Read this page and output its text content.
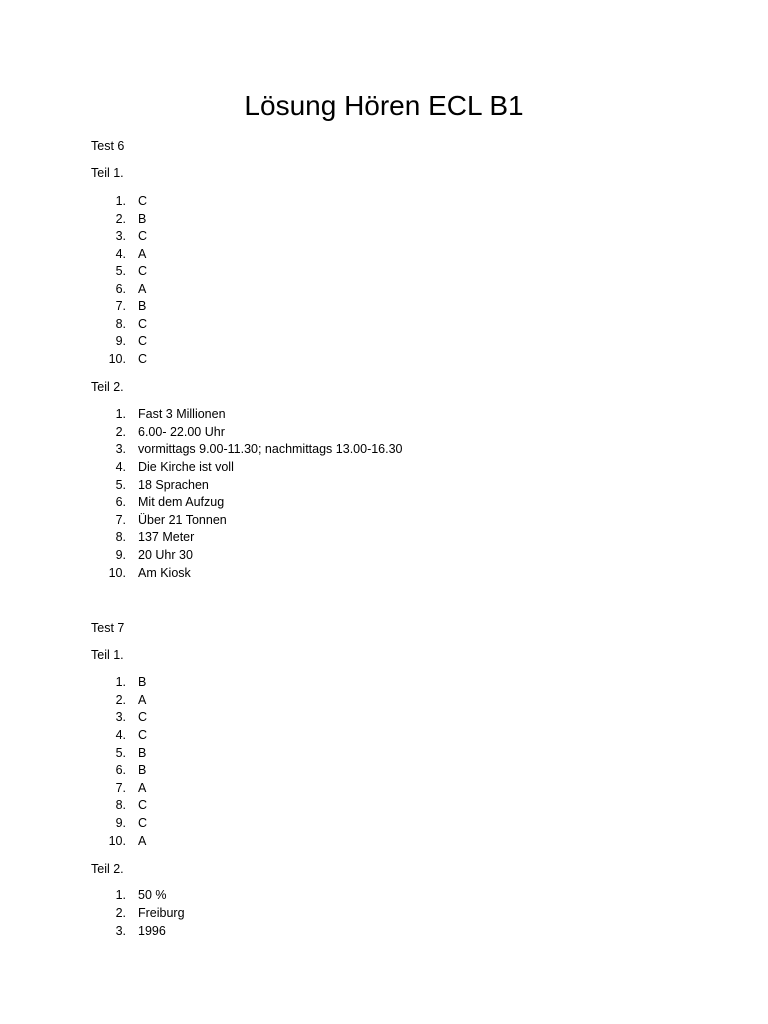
Lösung Hören ECL B1
Test 6
Teil 1.
1. C
2. B
3. C
4. A
5. C
6. A
7. B
8. C
9. C
10. C
Teil 2.
1. Fast 3 Millionen
2. 6.00- 22.00 Uhr
3. vormittags 9.00-11.30; nachmittags 13.00-16.30
4. Die Kirche ist voll
5. 18 Sprachen
6. Mit dem Aufzug
7. Über 21 Tonnen
8. 137 Meter
9. 20 Uhr 30
10. Am Kiosk
Test 7
Teil 1.
1. B
2. A
3. C
4. C
5. B
6. B
7. A
8. C
9. C
10. A
Teil 2.
1. 50 %
2. Freiburg
3. 1996
